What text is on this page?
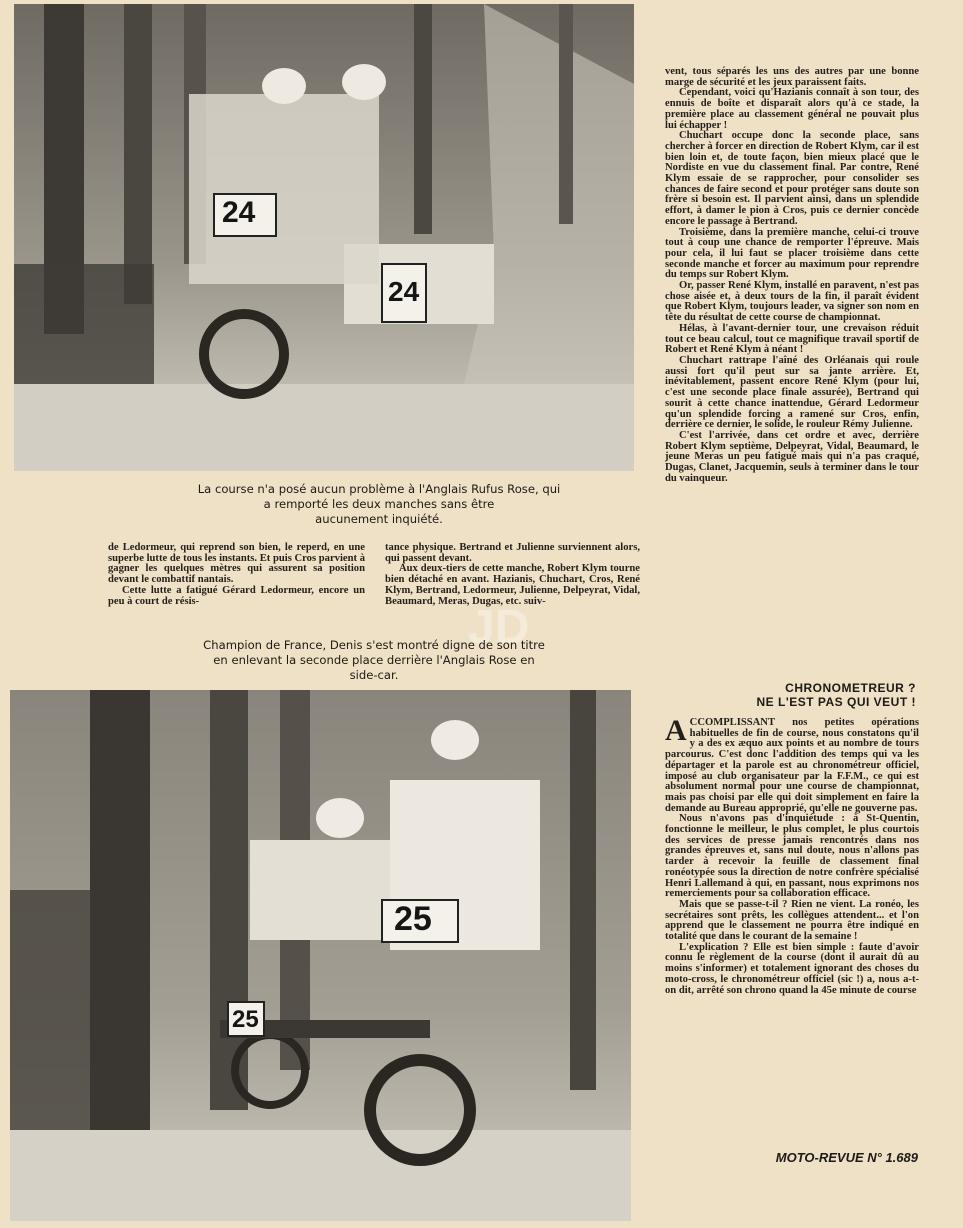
24
24
La course n'a posé aucun problème à l'Anglais Rufus Rose, qui a remporté les deux manches sans être
aucunement inquiété.

de Ledormeur, qui reprend son bien, le reperd, en une superbe lutte de tous les instants. Et puis Cros parvient à gagner les quelques mètres qui assurent sa position devant le combattif nantais.

Cette lutte a fatigué Gérard Ledormeur, encore un peu à court de résis-

tance physique. Bertrand et Julienne surviennent alors, qui passent devant.

Aux deux-tiers de cette manche, Robert Klym tourne bien détaché en avant. Hazianis, Chuchart, Cros, René Klym, Bertrand, Ledormeur, Julienne, Delpeyrat, Vidal, Beaumard, Meras, Dugas, etc. suiv-

JD
Champion de France, Denis s'est montré digne de son titre en enlevant la seconde place derrière l'Anglais Rose en side-car.

vent, tous séparés les uns des autres par une bonne marge de sécurité et les jeux paraissent faits.

Cependant, voici qu'Hazianis connaît à son tour, des ennuis de boîte et disparaît alors qu'à ce stade, la première place au classement général ne pouvait plus lui échapper !

Chuchart occupe donc la seconde place, sans chercher à forcer en direction de Robert Klym, car il est bien loin et, de toute façon, bien mieux placé que le Nordiste en vue du classement final. Par contre, René Klym essaie de se rapprocher, pour consolider ses chances de faire second et pour protéger sans doute son frère si besoin est. Il parvient ainsi, dans un splendide effort, à damer le pion à Cros, puis ce dernier concède encore le passage à Bertrand.

Troisième, dans la première manche, celui-ci trouve tout à coup une chance de remporter l'épreuve. Mais pour cela, il lui faut se placer troisième dans cette seconde manche et forcer au maximum pour reprendre du temps sur Robert Klym.

Or, passer René Klym, installé en paravent, n'est pas chose aisée et, à deux tours de la fin, il paraît évident que Robert Klym, toujours leader, va signer son nom en tête du résultat de cette course de championnat.

Hélas, à l'avant-dernier tour, une crevaison réduit tout ce beau calcul, tout ce magnifique travail sportif de Robert et René Klym à néant !

Chuchart rattrape l'aîné des Orléanais qui roule aussi fort qu'il peut sur sa jante arrière. Et, inévitablement, passent encore René Klym (pour lui, c'est une seconde place finale assurée), Bertrand qui sourit à cette chance inattendue, Gérard Ledormeur qu'un splendide forcing a ramené sur Cros, enfin, derrière ce dernier, le solide, le rouleur Rémy Julienne.

C'est l'arrivée, dans cet ordre et avec, derrière Robert Klym septième, Delpeyrat, Vidal, Beaumard, le jeune Meras un peu fatigué mais qui n'a pas craqué, Dugas, Clanet, Jacquemin, seuls à terminer dans le tour du vainqueur.

CHRONOMETREUR ?
NE L'EST PAS QUI VEUT !

ACCOMPLISSANT nos petites opérations habituelles de fin de course, nous constatons qu'il y a des ex æquo aux points et au nombre de tours parcourus. C'est donc l'addition des temps qui va les départager et la parole est au chronométreur officiel, imposé au club organisateur par la F.F.M., ce qui est absolument normal pour une course de championnat, mais pas choisi par elle qui doit simplement en faire la demande au Bureau approprié, qu'elle ne gouverne pas.

Nous n'avons pas d'inquiétude : à St-Quentin, fonctionne le meilleur, le plus complet, le plus courtois des services de presse jamais rencontrés dans nos grandes épreuves et, sans nul doute, nous n'allons pas tarder à recevoir la feuille de classement final ronéotypée sous la direction de notre confrère spécialisé Henri Lallemand à qui, en passant, nous exprimons nos remerciements pour sa collaboration efficace.

Mais que se passe-t-il ? Rien ne vient. La ronéo, les secrétaires sont prêts, les collègues attendent... et l'on apprend que le classement ne pourra être indiqué en totalité que dans le courant de la semaine !

L'explication ? Elle est bien simple : faute d'avoir connu le règlement de la course (dont il aurait dû au moins s'informer) et totalement ignorant des choses du moto-cross, le chronométreur officiel (sic !) a, nous a-t-on dit, arrêté son chrono quand la 45e minute de course

25
25
MOTO-REVUE N° 1.689
